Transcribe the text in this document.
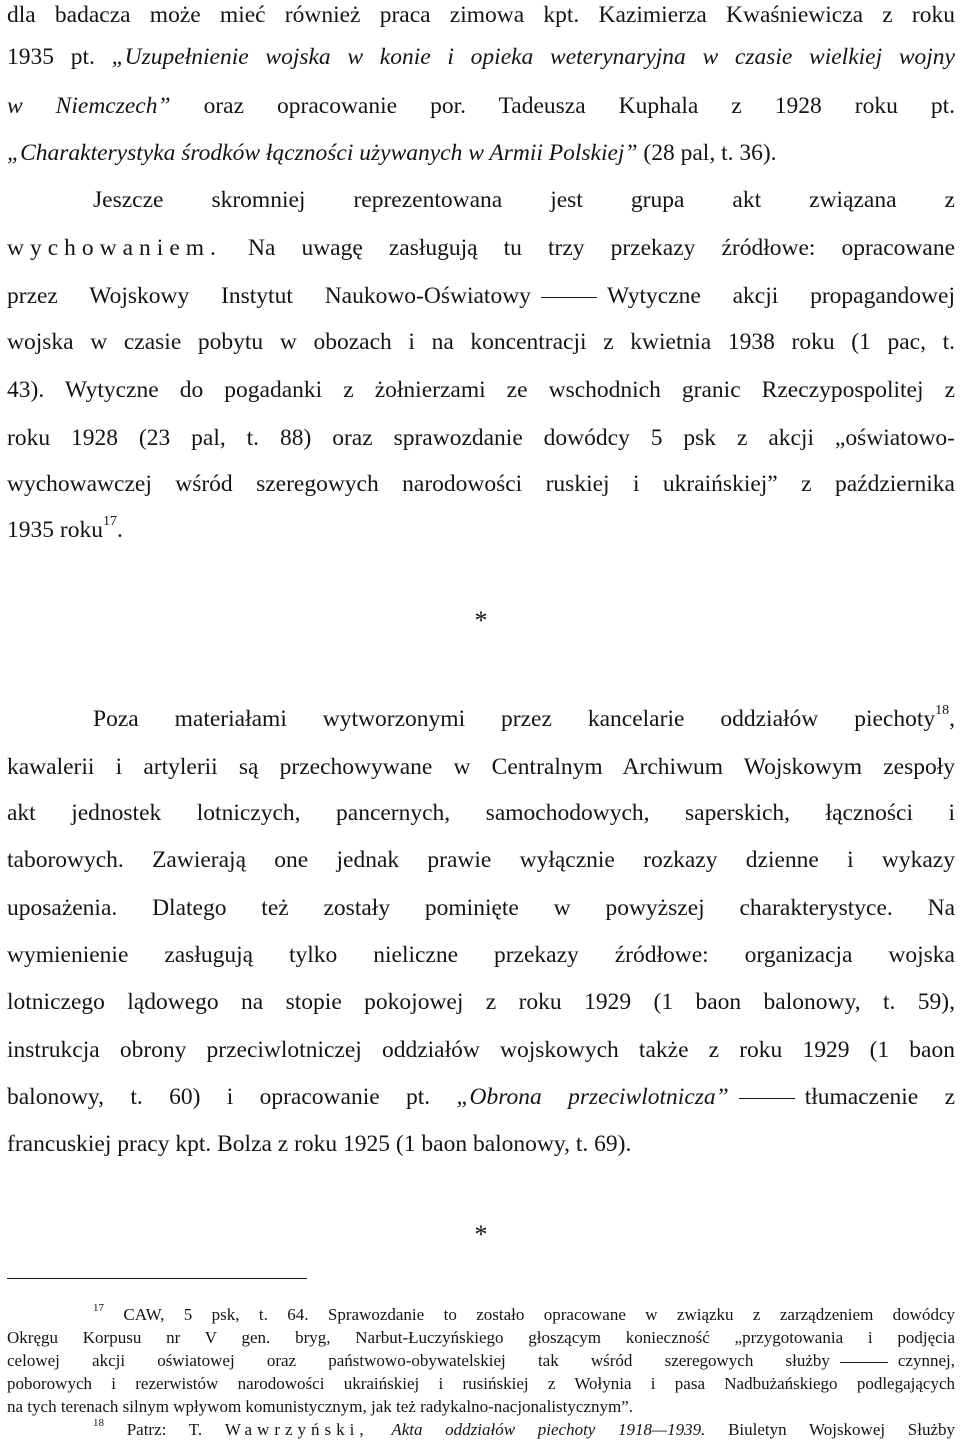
dla badacza może mieć również praca zimowa kpt. Kazimierza Kwaśniewicza z roku
1935 pt. „Uzupełnienie wojska w konie i opieka weterynaryjna w czasie wielkiej wojny
w Niemczech” oraz opracowanie por. Tadeusza Kuphala z 1928 roku pt.
„Charakterystyka środków łączności używanych w Armii Polskiej” (28 pal, t. 36).
Jeszcze skromniej reprezentowana jest grupa akt związana z
wychowaniem. Na uwagę zasługują tu trzy przekazy źródłowe: opracowane
przez Wojskowy Instytut Naukowo-Oświatowy	Wytyczne akcji propagandowej
wojska w czasie pobytu w obozach i na koncentracji z kwietnia 1938 roku (1 pac, t.
43). Wytyczne do pogadanki z żołnierzami ze wschodnich granic Rzeczypospolitej z
roku 1928 (23 pal, t. 88) oraz sprawozdanie dowódcy 5 psk z akcji „oświatowo-
wychowawczej wśród szeregowych narodowości ruskiej i ukraińskiej” z października
1935 roku$^{17}$.
*
Poza materiałami wytworzonymi przez kancelarie oddziałów piechoty$^{18}$,
kawalerii i artylerii są przechowywane w Centralnym Archiwum Wojskowym zespoły
akt jednostek lotniczych, pancernych, samochodowych, saperskich, łączności i
taborowych. Zawierają one jednak prawie wyłącznie rozkazy dzienne i wykazy
uposażenia. Dlatego też zostały pominięte w powyższej charakterystyce. Na
wymienienie zasługują tylko nieliczne przekazy źródłowe: organizacja wojska
lotniczego lądowego na stopie pokojowej z roku 1929 (1 baon balonowy, t. 59),
instrukcja obrony przeciwlotniczej oddziałów wojskowych także z roku 1929 (1 baon
balonowy, t. 60) i opracowanie pt. „Obrona przeciwlotnicza”	tłumaczenie z
francuskiej pracy kpt. Bolza z roku 1925 (1 baon balonowy, t. 69).
*
$^{17}$ CAW, 5 psk, t. 64. Sprawozdanie to zostało opracowane w związku z zarządzeniem dowódcy
Okręgu Korpusu nr V gen. bryg, Narbut-Łuczyńskiego głoszącym konieczność „przygotowania i podjęcia
celowej akcji oświatowej oraz państwowo-obywatelskiej tak wśród szeregowych służby	czynnej,
poborowych i rezerwistów narodowości ukraińskiej i rusińskiej z Wołynia i pasa Nadbużańskiego podlegających
na tych terenach silnym wpływom komunistycznym, jak też radykalno-nacjonalistycznym”.
$^{18}$ Patrz: T. Wawrzyński, Akta oddziałów piechoty 1918—1939. Biuletyn Wojskowej Służby
